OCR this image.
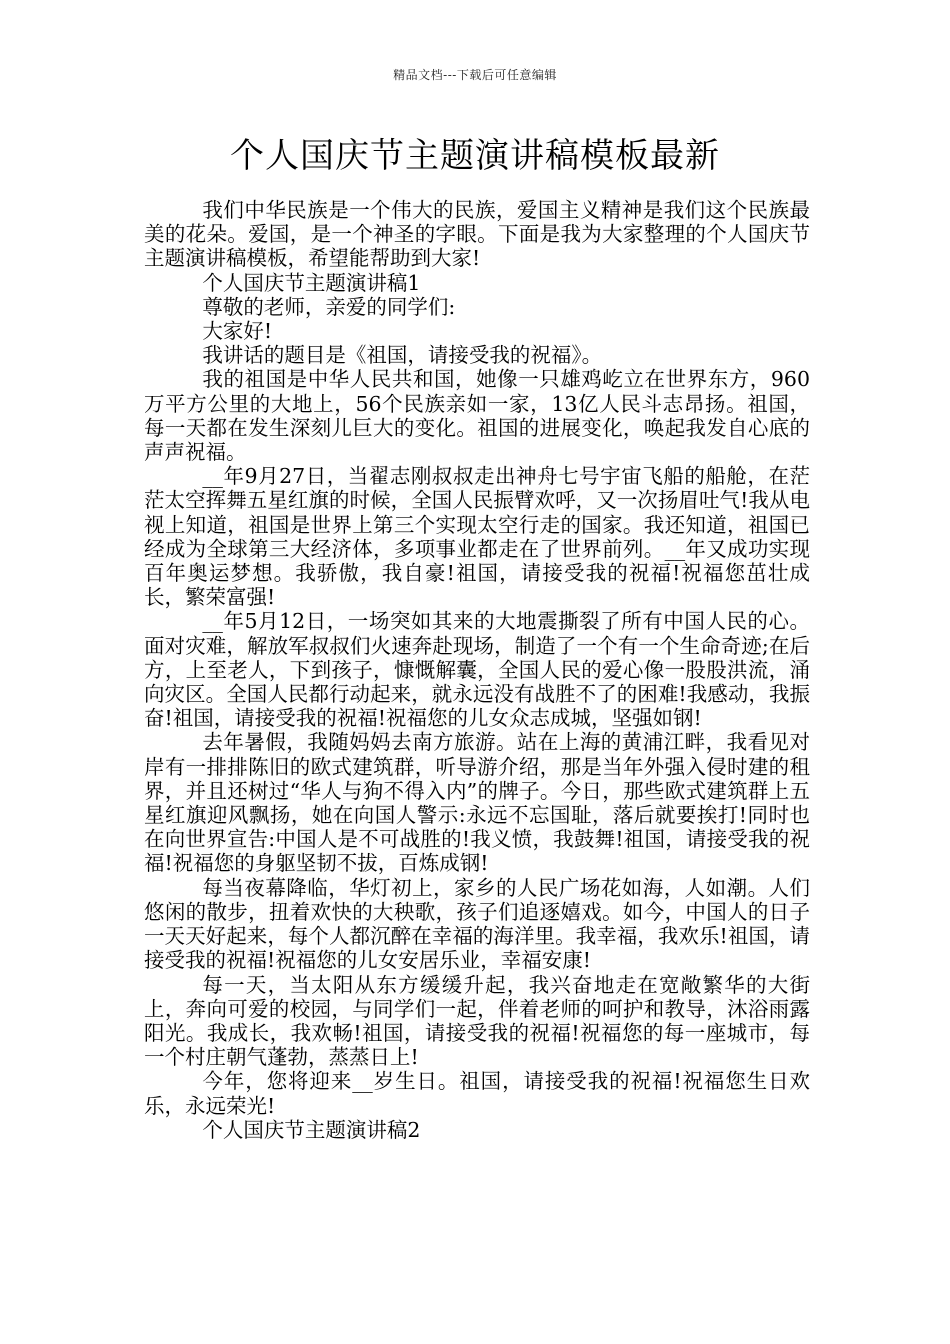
精品文档---下载后可任意编辑
个人国庆节主题演讲稿模板最新

我们中华民族是一个伟大的民族，爱国主义精神是我们这个民族最美的花朵。爱国，是一个神圣的字眼。下面是我为大家整理的个人国庆节主题演讲稿模板，希望能帮助到大家!

个人国庆节主题演讲稿1

尊敬的老师，亲爱的同学们:

大家好!

我讲话的题目是《祖国，请接受我的祝福》。

我的祖国是中华人民共和国，她像一只雄鸡屹立在世界东方，960万平方公里的大地上，56个民族亲如一家，13亿人民斗志昂扬。祖国，每一天都在发生深刻儿巨大的变化。祖国的进展变化，唤起我发自心底的声声祝福。

__年9月27日，当翟志刚叔叔走出神舟七号宇宙飞船的船舱，在茫茫太空挥舞五星红旗的时候，全国人民振臂欢呼，又一次扬眉吐气!我从电视上知道，祖国是世界上第三个实现太空行走的国家。我还知道，祖国已经成为全球第三大经济体，多项事业都走在了世界前列。__年又成功实现百年奥运梦想。我骄傲，我自豪!祖国，请接受我的祝福!祝福您茁壮成长，繁荣富强!

__年5月12日，一场突如其来的大地震撕裂了所有中国人民的心。面对灾难，解放军叔叔们火速奔赴现场，制造了一个有一个生命奇迹;在后方，上至老人，下到孩子，慷慨解囊，全国人民的爱心像一股股洪流，涌向灾区。全国人民都行动起来，就永远没有战胜不了的困难!我感动，我振奋!祖国，请接受我的祝福!祝福您的儿女众志成城，坚强如钢!

去年暑假，我随妈妈去南方旅游。站在上海的黄浦江畔，我看见对岸有一排排陈旧的欧式建筑群，听导游介绍，那是当年外强入侵时建的租界，并且还树过“华人与狗不得入内”的牌子。今日，那些欧式建筑群上五星红旗迎风飘扬，她在向国人警示:永远不忘国耻，落后就要挨打!同时也在向世界宣告:中国人是不可战胜的!我义愤，我鼓舞!祖国，请接受我的祝福!祝福您的身躯坚韧不拔，百炼成钢!

每当夜幕降临，华灯初上，家乡的人民广场花如海，人如潮。人们悠闲的散步，扭着欢快的大秧歌，孩子们追逐嬉戏。如今，中国人的日子一天天好起来，每个人都沉醉在幸福的海洋里。我幸福，我欢乐!祖国，请接受我的祝福!祝福您的儿女安居乐业，幸福安康!

每一天，当太阳从东方缓缓升起，我兴奋地走在宽敞繁华的大街上，奔向可爱的校园，与同学们一起，伴着老师的呵护和教导，沐浴雨露阳光。我成长，我欢畅!祖国，请接受我的祝福!祝福您的每一座城市，每一个村庄朝气蓬勃，蒸蒸日上!

今年，您将迎来__岁生日。祖国，请接受我的祝福!祝福您生日欢乐，永远荣光!

个人国庆节主题演讲稿2
